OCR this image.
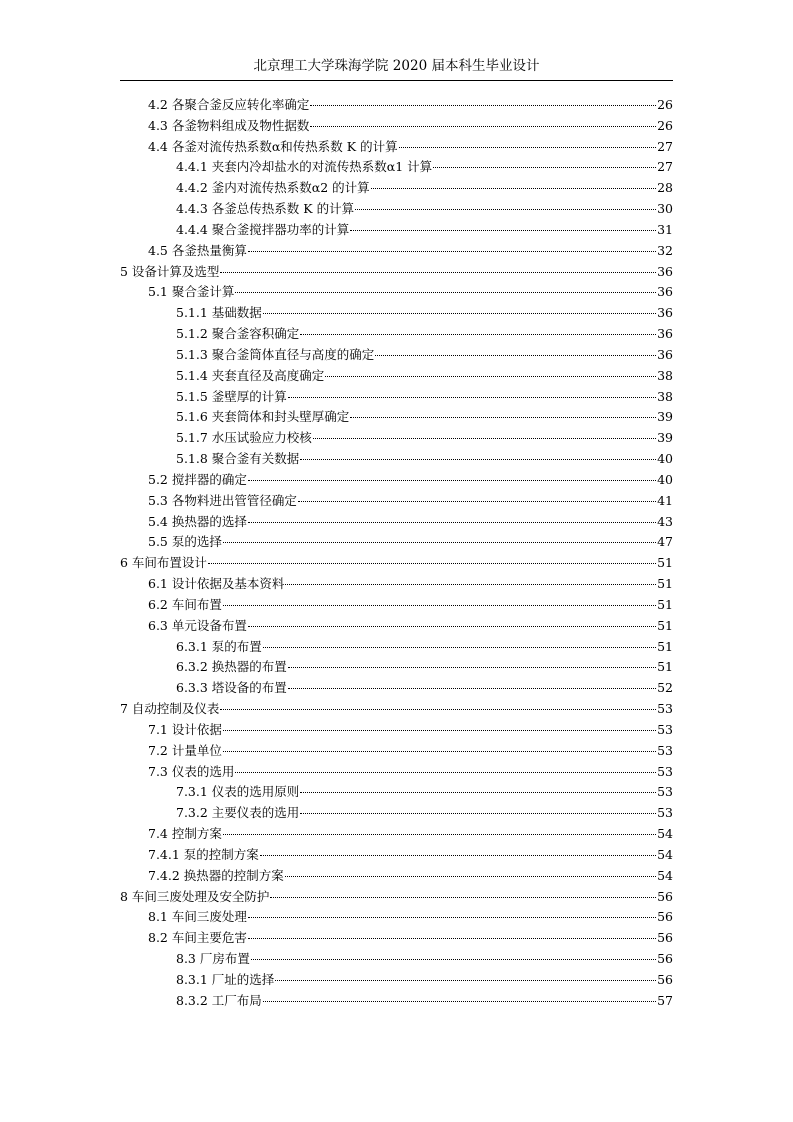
北京理工大学珠海学院 2020 届本科生毕业设计
4.2 各聚合釜反应转化率确定	26
4.3 各釜物料组成及物性据数	26
4.4 各釜对流传热系数α和传热系数 K 的计算	27
4.4.1 夹套内冷却盐水的对流传热系数α1 计算	27
4.4.2 釜内对流传热系数α2 的计算	28
4.4.3 各釜总传热系数 K 的计算	30
4.4.4 聚合釜搅拌器功率的计算	31
4.5 各釜热量衡算	32
5 设备计算及选型	36
5.1 聚合釜计算	36
5.1.1 基础数据	36
5.1.2 聚合釜容积确定	36
5.1.3 聚合釜筒体直径与高度的确定	36
5.1.4 夹套直径及高度确定	38
5.1.5 釜壁厚的计算	38
5.1.6 夹套筒体和封头壁厚确定	39
5.1.7 水压试验应力校核	39
5.1.8 聚合釜有关数据	40
5.2 搅拌器的确定	40
5.3 各物料进出管管径确定	41
5.4 换热器的选择	43
5.5 泵的选择	47
6 车间布置设计	51
6.1 设计依据及基本资料	51
6.2 车间布置	51
6.3 单元设备布置	51
6.3.1 泵的布置	51
6.3.2 换热器的布置	51
6.3.3 塔设备的布置	52
7 自动控制及仪表	53
7.1 设计依据	53
7.2 计量单位	53
7.3 仪表的选用	53
7.3.1 仪表的选用原则	53
7.3.2 主要仪表的选用	53
7.4 控制方案	54
7.4.1 泵的控制方案	54
7.4.2 换热器的控制方案	54
8 车间三废处理及安全防护	56
8.1 车间三废处理	56
8.2 车间主要危害	56
8.3 厂房布置	56
8.3.1 厂址的选择	56
8.3.2 工厂布局	57
